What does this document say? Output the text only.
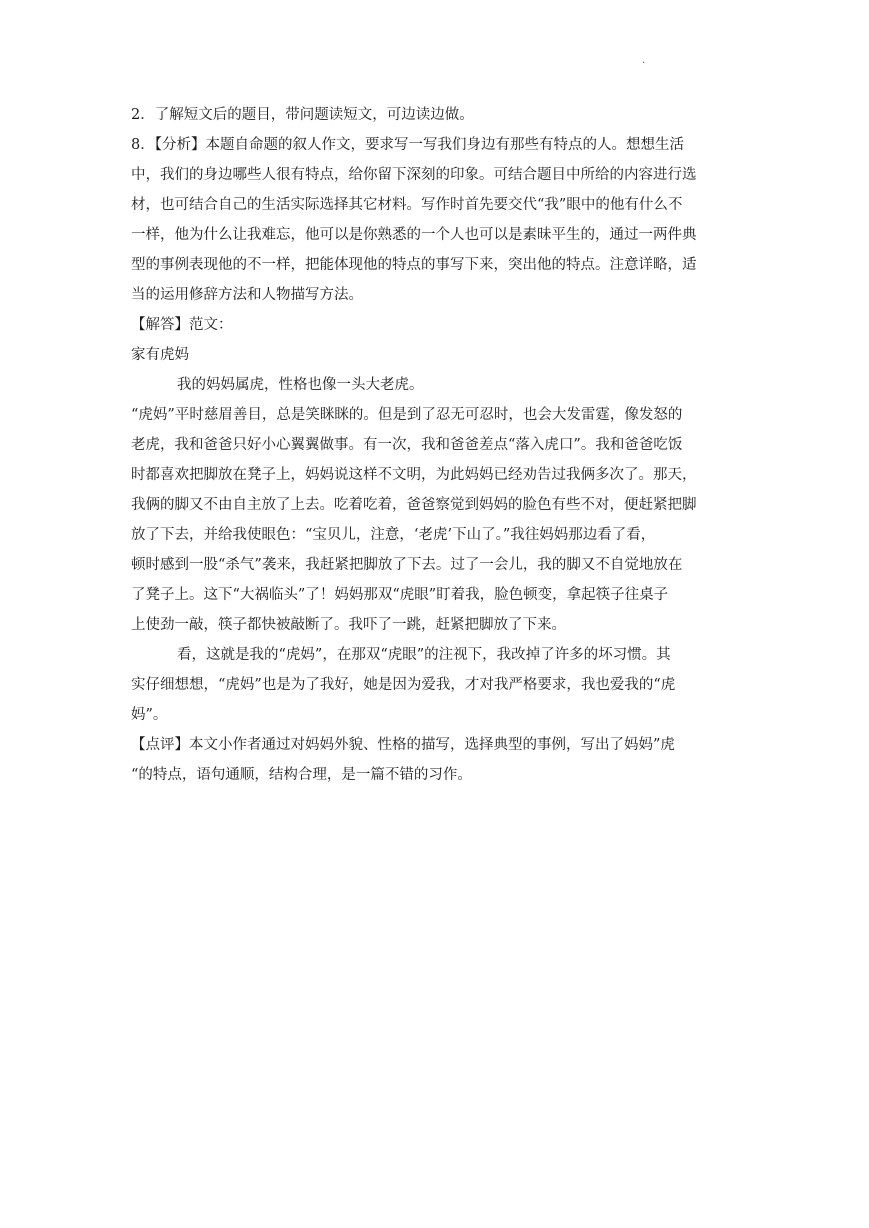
.
2．了解短文后的题目，带问题读短文，可边读边做。
8．【分析】本题自命题的叙人作文，要求写一写我们身边有那些有特点的人。想想生活
中，我们的身边哪些人很有特点，给你留下深刻的印象。可结合题目中所给的内容进行选
材，也可结合自己的生活实际选择其它材料。写作时首先要交代“我”眼中的他有什么不
一样，他为什么让我难忘，他可以是你熟悉的一个人也可以是素昧平生的，通过一两件典
型的事例表现他的不一样，把能体现他的特点的事写下来，突出他的特点。注意详略，适
当的运用修辞方法和人物描写方法。
【解答】范文：
家有虎妈
我的妈妈属虎，性格也像一头大老虎。
“虎妈”平时慈眉善目，总是笑眯眯的。但是到了忍无可忍时，也会大发雷霆，像发怒的
老虎，我和爸爸只好小心翼翼做事。有一次，我和爸爸差点“落入虎口”。我和爸爸吃饭
时都喜欢把脚放在凳子上，妈妈说这样不文明，为此妈妈已经劝告过我俩多次了。那天，
我俩的脚又不由自主放了上去。吃着吃着，爸爸察觉到妈妈的脸色有些不对，便赶紧把脚
放了下去，并给我使眼色：“宝贝儿，注意，‘老虎’下山了。”我往妈妈那边看了看，
顿时感到一股“杀气”袭来，我赶紧把脚放了下去。过了一会儿，我的脚又不自觉地放在
了凳子上。这下“大祸临头”了！妈妈那双“虎眼”盯着我，脸色顿变，拿起筷子往桌子
上使劲一敲，筷子都快被敲断了。我吓了一跳，赶紧把脚放了下来。
看，这就是我的“虎妈”，在那双“虎眼”的注视下，我改掉了许多的坏习惯。其
实仔细想想，“虎妈”也是为了我好，她是因为爱我，才对我严格要求，我也爱我的“虎
妈”。
【点评】本文小作者通过对妈妈外貌、性格的描写，选择典型的事例，写出了妈妈”虎
“的特点，语句通顺，结构合理，是一篇不错的习作。
